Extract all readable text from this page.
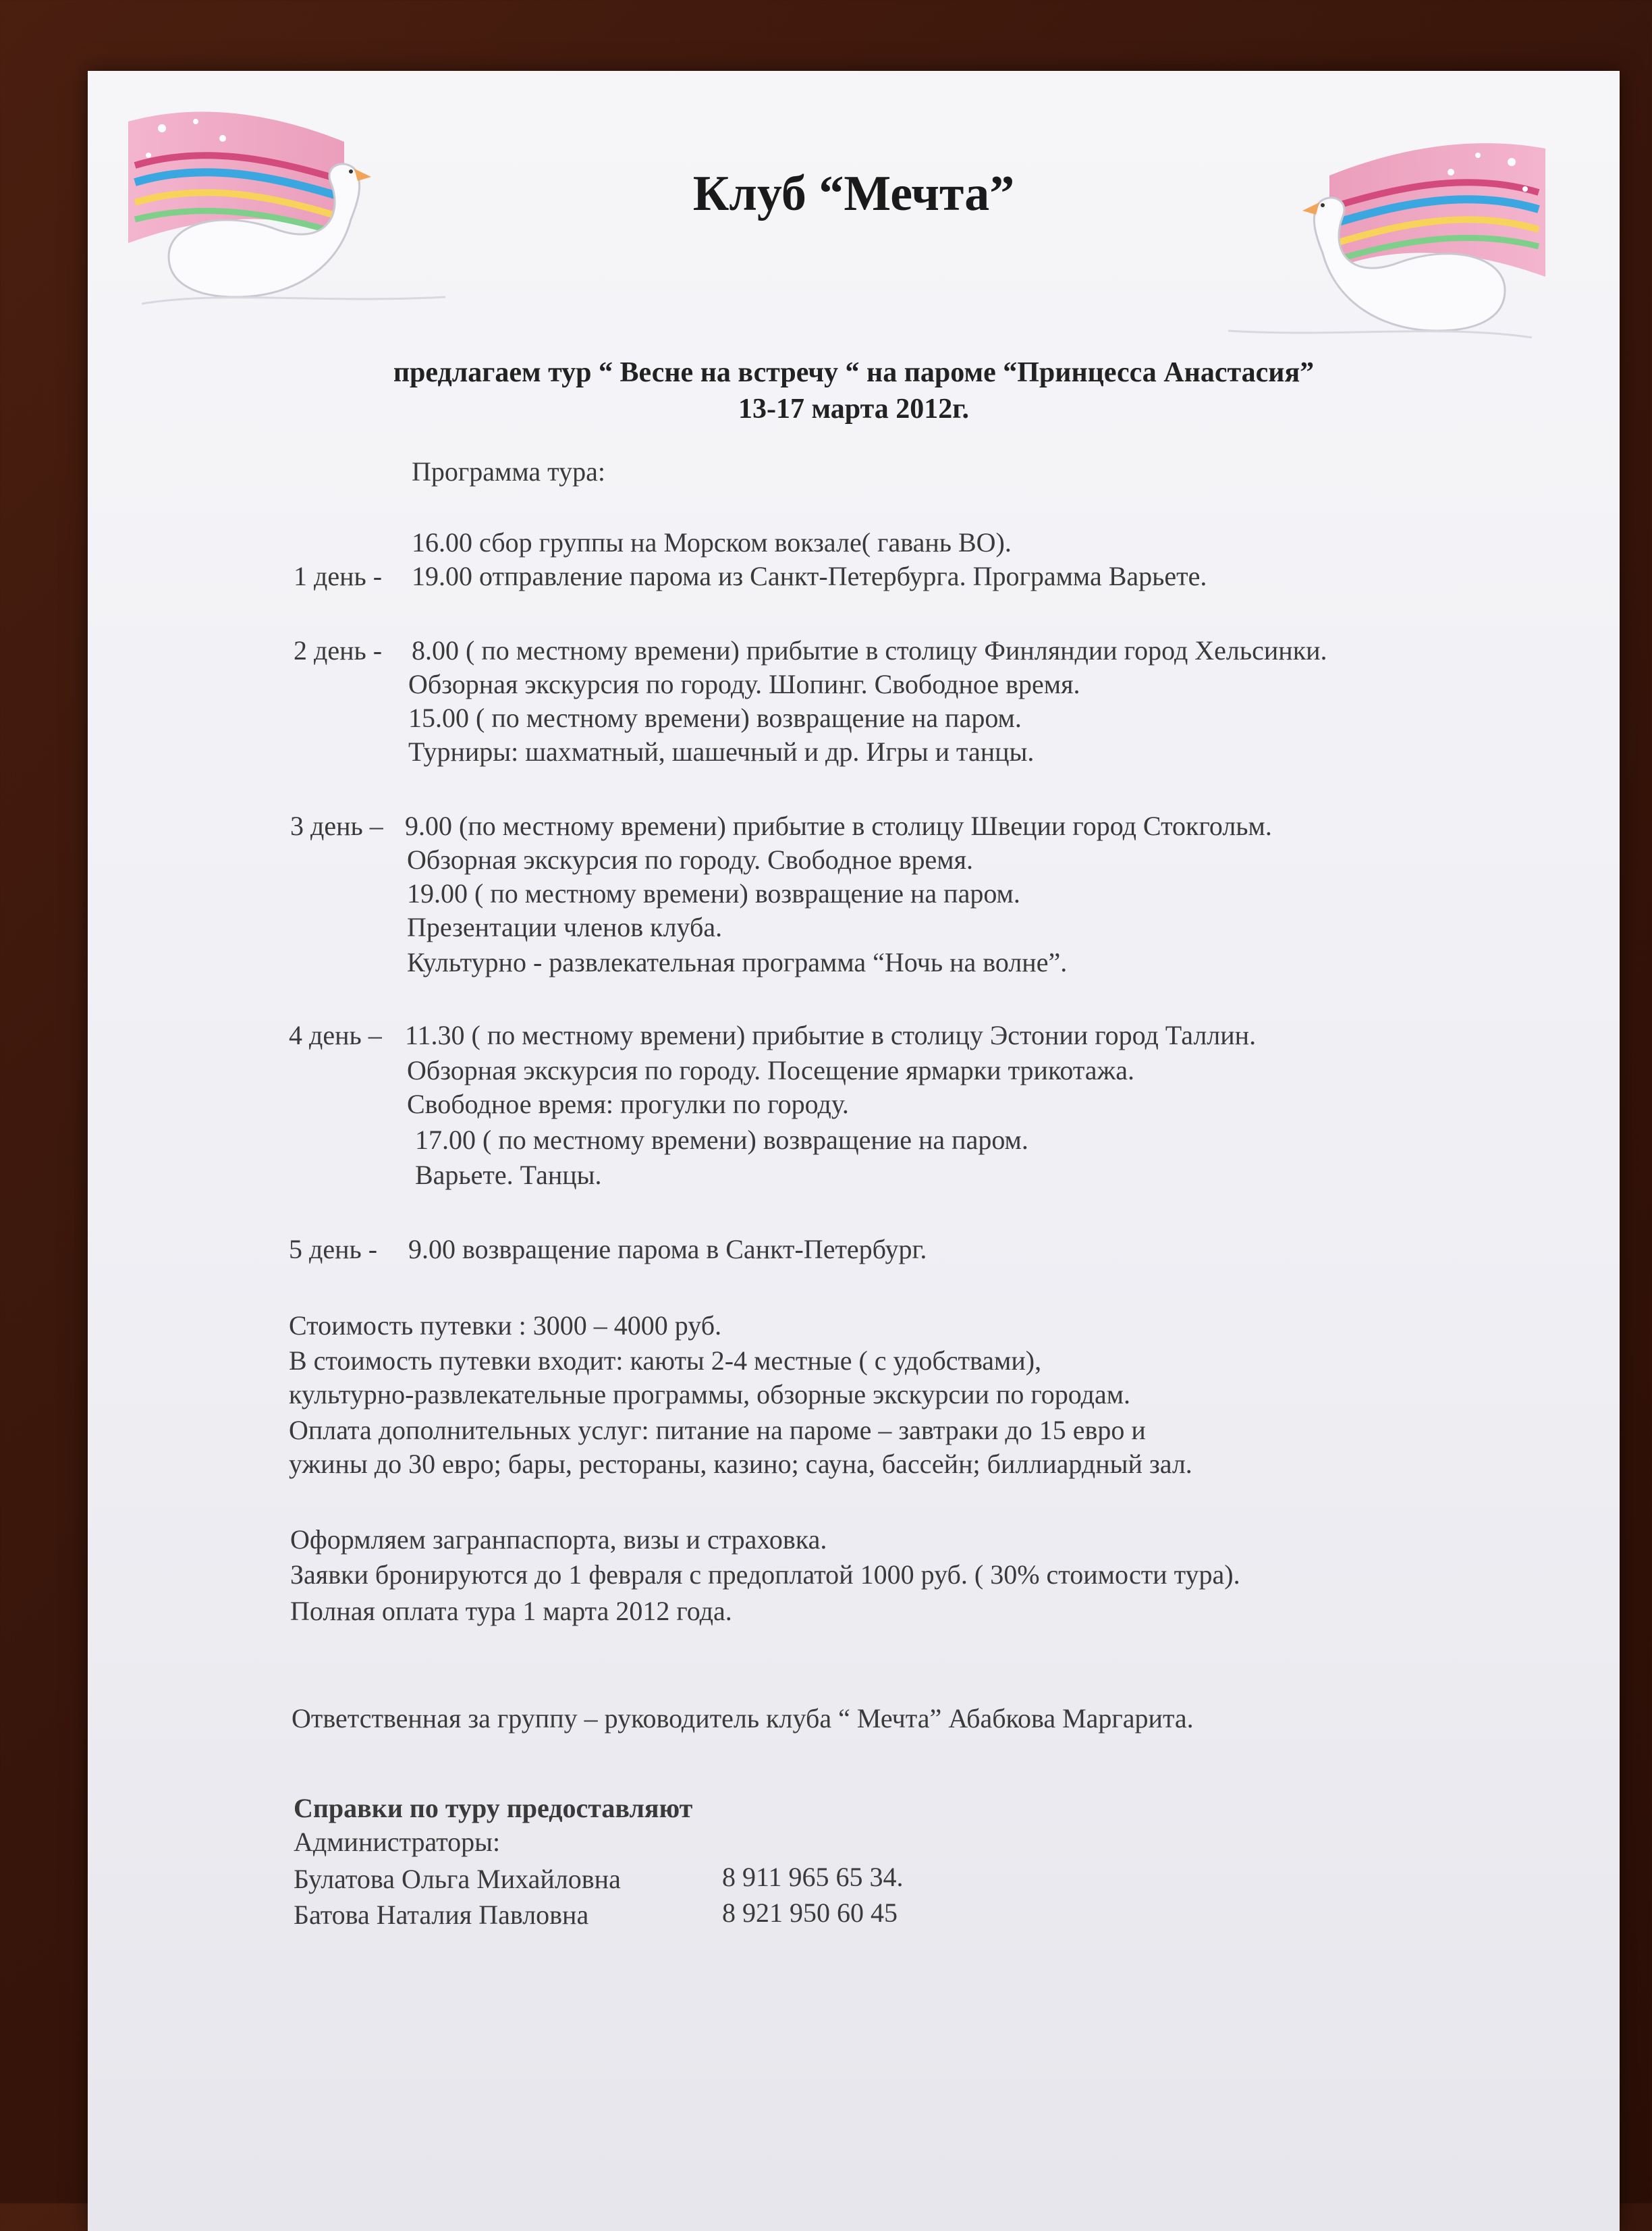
Клуб “Мечта”
предлагаем тур “ Весне на встречу “ на пароме “Принцесса Анастасия”
13-17 марта 2012г.
Программа тура:
16.00 сбор группы на Морском вокзале( гавань ВО).
1 день - 19.00 отправление парома из Санкт-Петербурга. Программа Варьете.
2 день - 8.00 ( по местному времени) прибытие в столицу Финляндии город Хельсинки.
Обзорная экскурсия по городу. Шопинг. Свободное время.
15.00 ( по местному времени) возвращение на паром.
Турниры: шахматный, шашечный и др. Игры и танцы.
3 день – 9.00 (по местному времени) прибытие в столицу Швеции город Стокгольм.
Обзорная экскурсия по городу. Свободное время.
19.00 ( по местному времени) возвращение на паром.
Презентации членов клуба.
Культурно - развлекательная программа “Ночь на волне”.
4 день – 11.30 ( по местному времени) прибытие в столицу Эстонии город Таллин.
Обзорная экскурсия по городу. Посещение ярмарки трикотажа.
Свободное время: прогулки по городу.
17.00 ( по местному времени) возвращение на паром.
Варьете. Танцы.
5 день - 9.00 возвращение парома в Санкт-Петербург.
Стоимость путевки : 3000 – 4000 руб.
В стоимость путевки входит: каюты 2-4 местные ( с удобствами),
культурно-развлекательные программы, обзорные экскурсии по городам.
Оплата дополнительных услуг: питание на пароме – завтраки до 15 евро и
ужины до 30 евро; бары, рестораны, казино; сауна, бассейн; биллиардный зал.
Оформляем загранпаспорта, визы и страховка.
Заявки бронируются до 1 февраля с предоплатой 1000 руб. ( 30% стоимости тура).
Полная оплата тура 1 марта 2012 года.
Ответственная за группу – руководитель клуба “ Мечта” Абабкова Маргарита.
Справки по туру предоставляют
Администраторы:
Булатова Ольга Михайловна	8 911 965 65 34.
Батова Наталия Павловна	8 921 950 60 45
